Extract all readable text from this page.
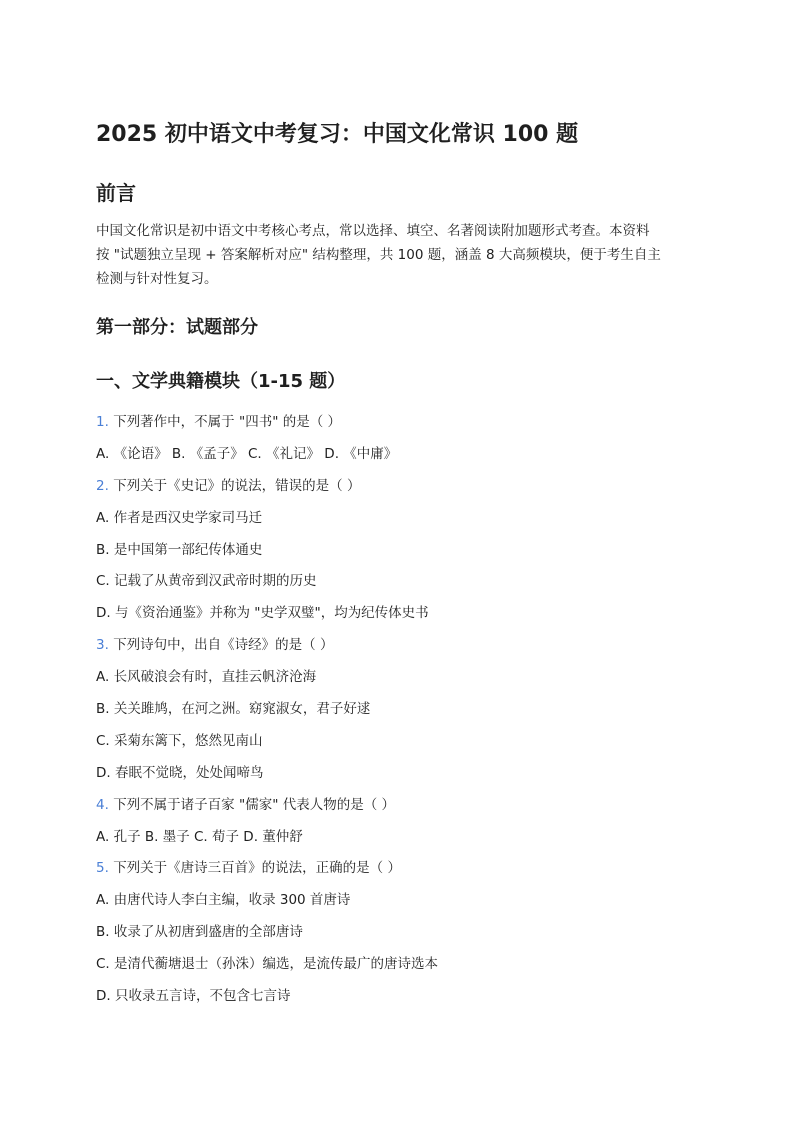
2025 初中语文中考复习：中国文化常识 100 题
前言

中国文化常识是初中语文中考核心考点，常以选择、填空、名著阅读附加题形式考查。本资料
按 "试题独立呈现 + 答案解析对应" 结构整理，共 100 题，涵盖 8 大高频模块，便于考生自主
检测与针对性复习。

第一部分：试题部分
一、文学典籍模块（1-15 题）
1. 下列著作中，不属于 "四书" 的是（ ）
A. 《论语》 B. 《孟子》 C. 《礼记》 D. 《中庸》
2. 下列关于《史记》的说法，错误的是（ ）
A. 作者是西汉史学家司马迁
B. 是中国第一部纪传体通史
C. 记载了从黄帝到汉武帝时期的历史
D. 与《资治通鉴》并称为 "史学双璧"，均为纪传体史书
3. 下列诗句中，出自《诗经》的是（ ）
A. 长风破浪会有时，直挂云帆济沧海
B. 关关雎鸠，在河之洲。窈窕淑女，君子好逑
C. 采菊东篱下，悠然见南山
D. 春眠不觉晓，处处闻啼鸟
4. 下列不属于诸子百家 "儒家" 代表人物的是（ ）
A. 孔子 B. 墨子 C. 荀子 D. 董仲舒
5. 下列关于《唐诗三百首》的说法，正确的是（ ）
A. 由唐代诗人李白主编，收录 300 首唐诗
B. 收录了从初唐到盛唐的全部唐诗
C. 是清代蘅塘退士（孙洙）编选，是流传最广的唐诗选本
D. 只收录五言诗，不包含七言诗
